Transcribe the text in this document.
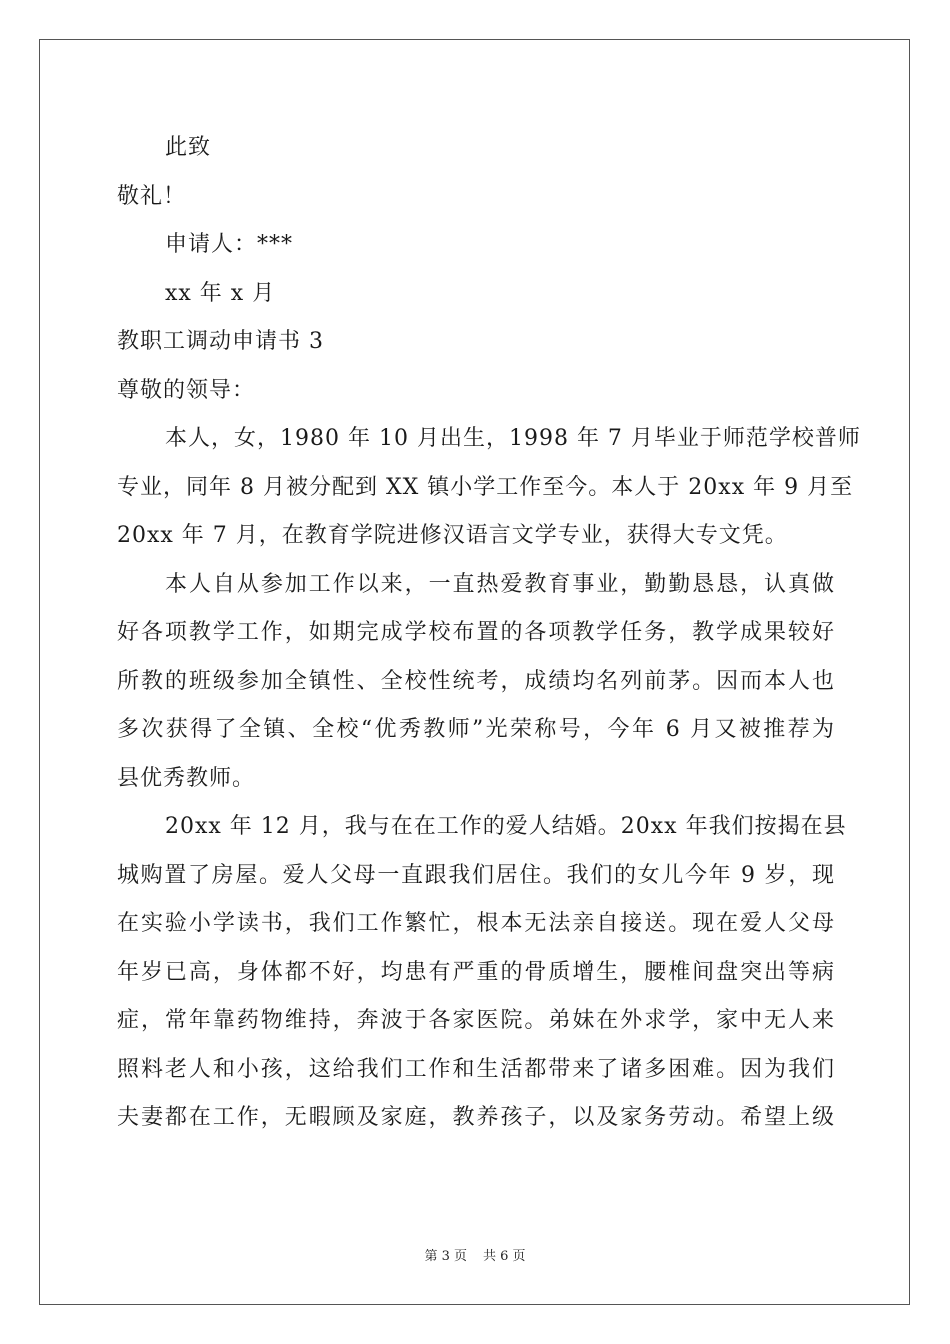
此致
敬礼！
申请人：***
xx 年 x 月
教职工调动申请书 3
尊敬的领导：
本人，女，1980 年 10 月出生，1998 年 7 月毕业于师范学校普师
专业，同年 8 月被分配到 XX 镇小学工作至今。本人于 20xx 年 9 月至
20xx 年 7 月，在教育学院进修汉语言文学专业，获得大专文凭。
本人自从参加工作以来，一直热爱教育事业，勤勤恳恳，认真做
好各项教学工作，如期完成学校布置的各项教学任务，教学成果较好
所教的班级参加全镇性、全校性统考，成绩均名列前茅。因而本人也
多次获得了全镇、全校“优秀教师”光荣称号，今年 6 月又被推荐为
县优秀教师。
20xx 年 12 月，我与在在工作的爱人结婚。20xx 年我们按揭在县
城购置了房屋。爱人父母一直跟我们居住。我们的女儿今年 9 岁，现
在实验小学读书，我们工作繁忙，根本无法亲自接送。现在爱人父母
年岁已高，身体都不好，均患有严重的骨质增生，腰椎间盘突出等病
症，常年靠药物维持，奔波于各家医院。弟妹在外求学，家中无人来
照料老人和小孩，这给我们工作和生活都带来了诸多困难。因为我们
夫妻都在工作，无暇顾及家庭，教养孩子，以及家务劳动。希望上级
第 3 页 共 6 页
